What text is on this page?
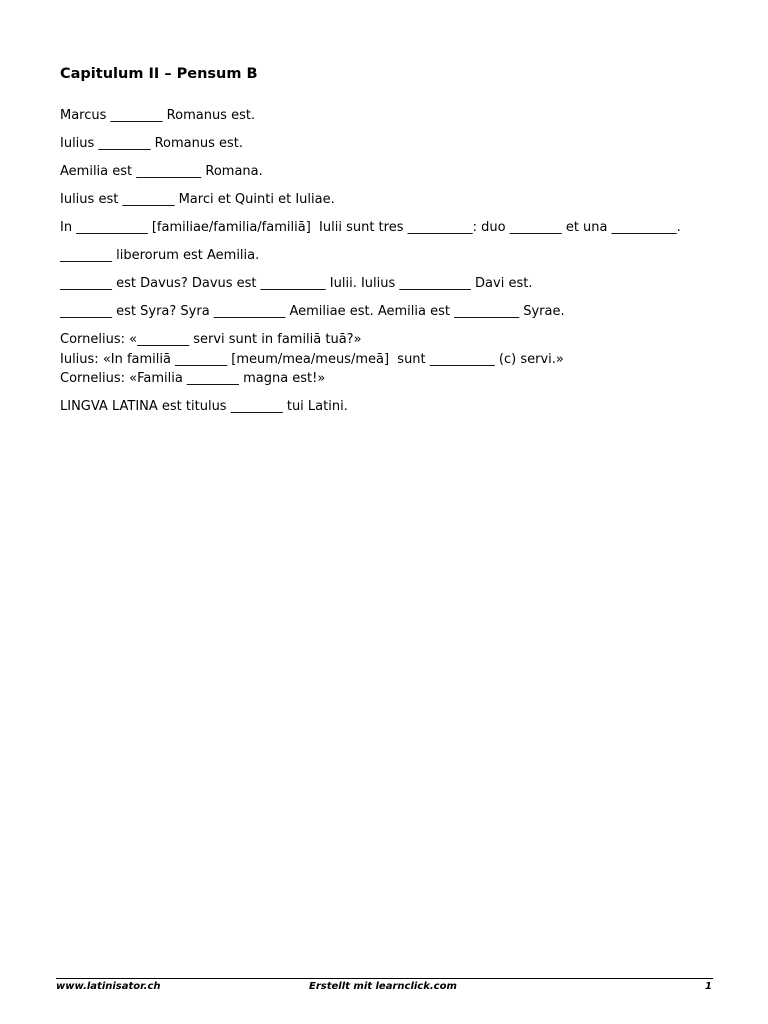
Capitulum II – Pensum B
Marcus ________ Romanus est.
Iulius ________ Romanus est.
Aemilia est __________ Romana.
Iulius est ________ Marci et Quinti et Iuliae.
In ___________ [familiae/familia/familiā]  Iulii sunt tres __________: duo ________ et una __________.
________ liberorum est Aemilia.
________ est Davus? Davus est __________ Iulii. Iulius ___________ Davi est.
________ est Syra? Syra ___________ Aemiliae est. Aemilia est __________ Syrae.
Cornelius: «________ servi sunt in familiā tuā?»
Iulius: «In familiā ________ [meum/mea/meus/meā]  sunt __________ (c) servi.»
Cornelius: «Familia ________ magna est!»
LINGVA LATINA est titulus ________ tui Latini.
www.latinisator.ch	Erstellt mit learnclick.com	1
